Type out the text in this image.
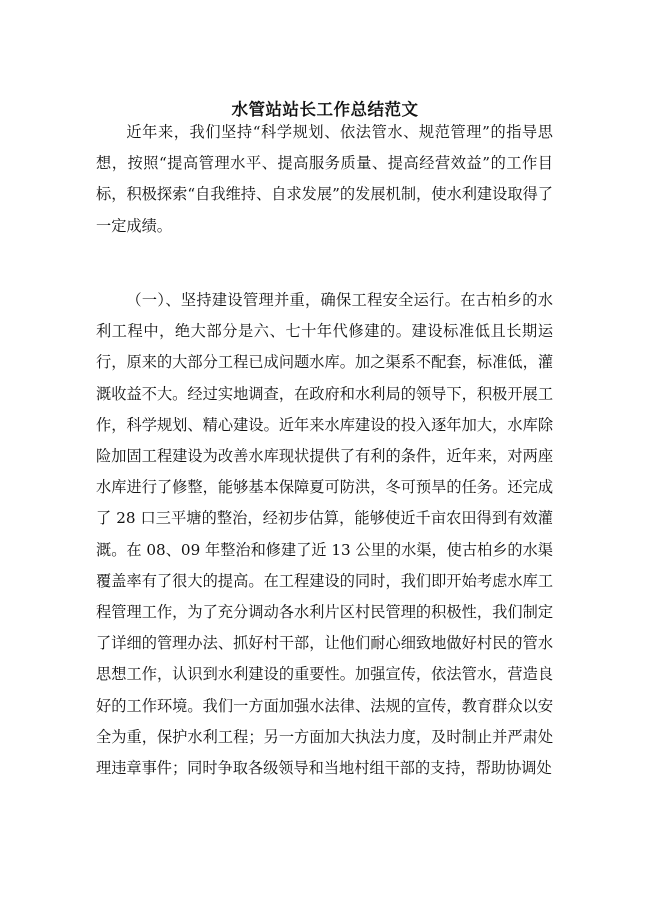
水管站站长工作总结范文

近年来，我们坚持“科学规划、依法管水、规范管理”的指导思想，按照“提高管理水平、提高服务质量、提高经营效益”的工作目标，积极探索“自我维持、自求发展”的发展机制，使水利建设取得了一定成绩。

（一）、坚持建设管理并重，确保工程安全运行。在古柏乡的水利工程中，绝大部分是六、七十年代修建的。建设标准低且长期运行，原来的大部分工程已成问题水库。加之渠系不配套，标准低，灌溉收益不大。经过实地调查，在政府和水利局的领导下，积极开展工作，科学规划、精心建设。近年来水库建设的投入逐年加大，水库除险加固工程建设为改善水库现状提供了有利的条件，近年来，对两座水库进行了修整，能够基本保障夏可防洪，冬可预旱的任务。还完成了 28 口三平塘的整治，经初步估算，能够使近千亩农田得到有效灌溉。在 08、09 年整治和修建了近 13 公里的水渠，使古柏乡的水渠覆盖率有了很大的提高。在工程建设的同时，我们即开始考虑水库工程管理工作，为了充分调动各水利片区村民管理的积极性，我们制定了详细的管理办法、抓好村干部，让他们耐心细致地做好村民的管水思想工作，认识到水利建设的重要性。加强宣传，依法管水，营造良好的工作环境。我们一方面加强水法律、法规的宣传，教育群众以安全为重，保护水利工程；另一方面加大执法力度，及时制止并严肃处理违章事件；同时争取各级领导和当地村组干部的支持，帮助协调处
